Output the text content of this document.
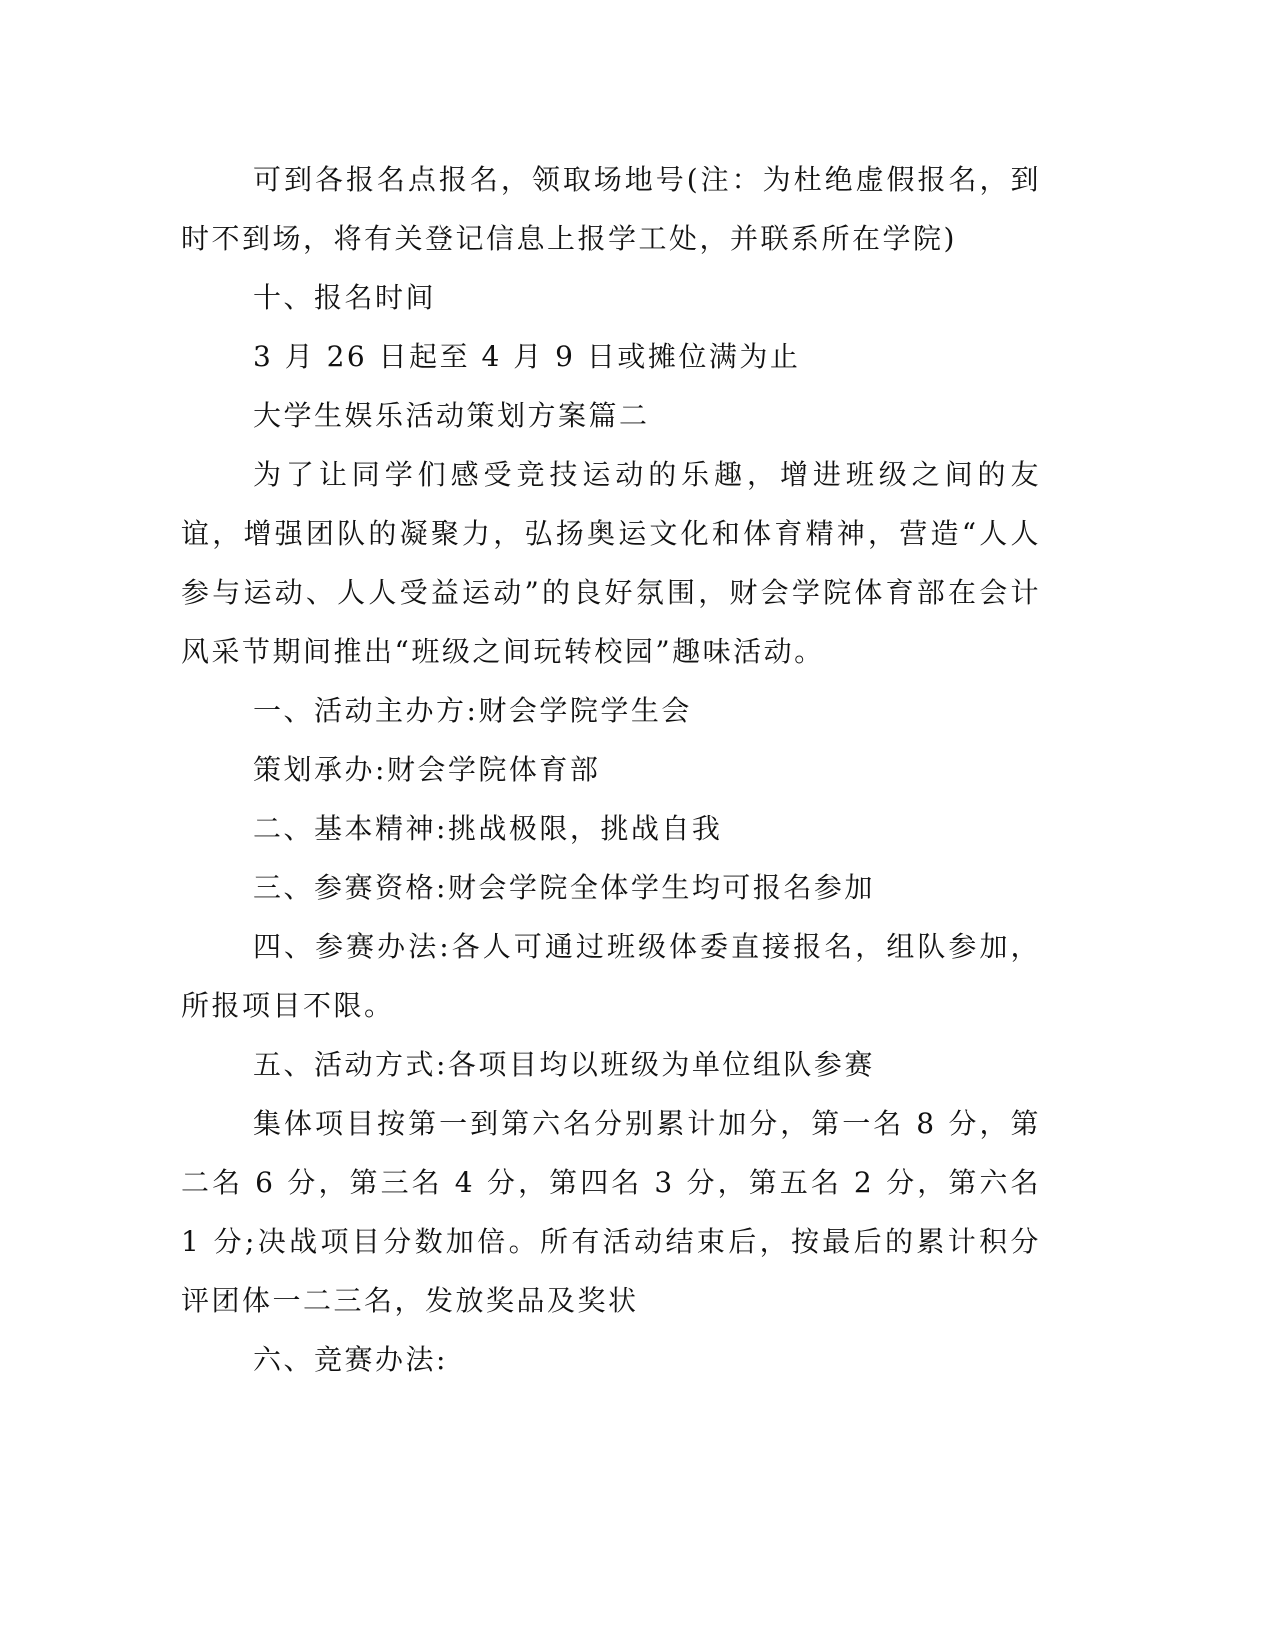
可到各报名点报名，领取场地号(注：为杜绝虚假报名，到时不到场，将有关登记信息上报学工处，并联系所在学院)

十、报名时间

3 月 26 日起至 4 月 9 日或摊位满为止

大学生娱乐活动策划方案篇二

为了让同学们感受竞技运动的乐趣，增进班级之间的友谊，增强团队的凝聚力，弘扬奥运文化和体育精神，营造“人人参与运动、人人受益运动”的良好氛围，财会学院体育部在会计风采节期间推出“班级之间玩转校园”趣味活动。

一、活动主办方:财会学院学生会

策划承办:财会学院体育部

二、基本精神:挑战极限，挑战自我

三、参赛资格:财会学院全体学生均可报名参加

四、参赛办法:各人可通过班级体委直接报名，组队参加，所报项目不限。

五、活动方式:各项目均以班级为单位组队参赛

集体项目按第一到第六名分别累计加分，第一名 8 分，第二名 6 分，第三名 4 分，第四名 3 分，第五名 2 分，第六名 1 分;决战项目分数加倍。所有活动结束后，按最后的累计积分评团体一二三名，发放奖品及奖状

六、竞赛办法:
